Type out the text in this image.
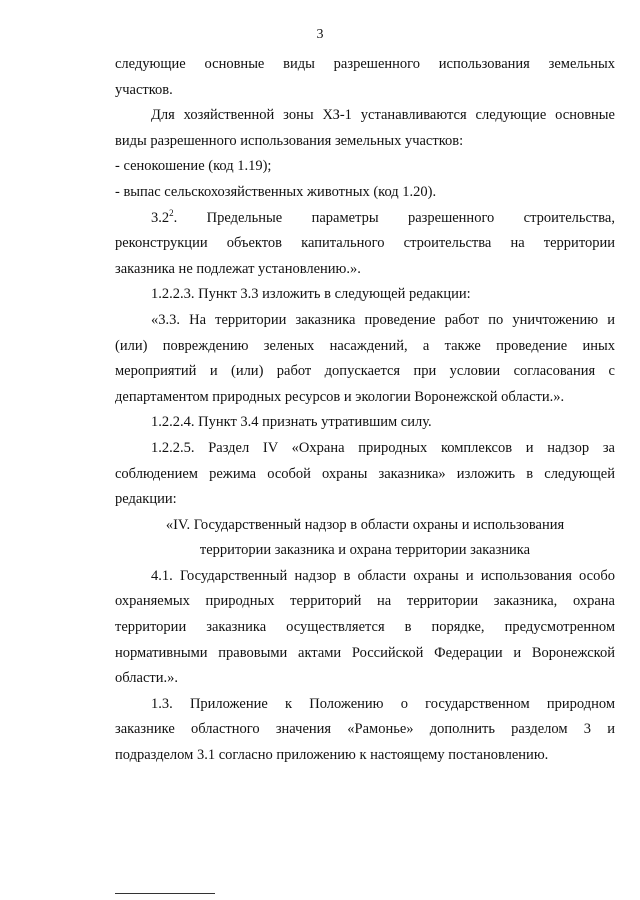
3

следующие основные виды разрешенного использования земельных

участков.

Для хозяйственной зоны ХЗ-1 устанавливаются следующие основные

виды разрешенного использования земельных участков:

- сенокошение (код 1.19);

- выпас сельскохозяйственных животных (код 1.20).

$3.2^2$. Предельные параметры разрешенного строительства,

реконструкции объектов капитального строительства на территории

заказника не подлежат установлению.».

1.2.2.3. Пункт 3.3 изложить в следующей редакции:

«3.3. На территории заказника проведение работ по уничтожению и

(или) повреждению зеленых насаждений, а также проведение иных

мероприятий и (или) работ допускается при условии согласования с

департаментом природных ресурсов и экологии Воронежской области.».

1.2.2.4. Пункт 3.4 признать утратившим силу.

1.2.2.5. Раздел IV «Охрана природных комплексов и надзор за

соблюдением режима особой охраны заказника» изложить в следующей

редакции:

«IV. Государственный надзор в области охраны и использования

территории заказника и охрана территории заказника

4.1. Государственный надзор в области охраны и использования особо

охраняемых природных территорий на территории заказника, охрана

территории заказника осуществляется в порядке, предусмотренном

нормативными правовыми актами Российской Федерации и Воронежской

области.».

1.3. Приложение к Положению о государственном природном

заказнике областного значения «Рамонье» дополнить разделом 3 и

подразделом 3.1 согласно приложению к настоящему постановлению.
